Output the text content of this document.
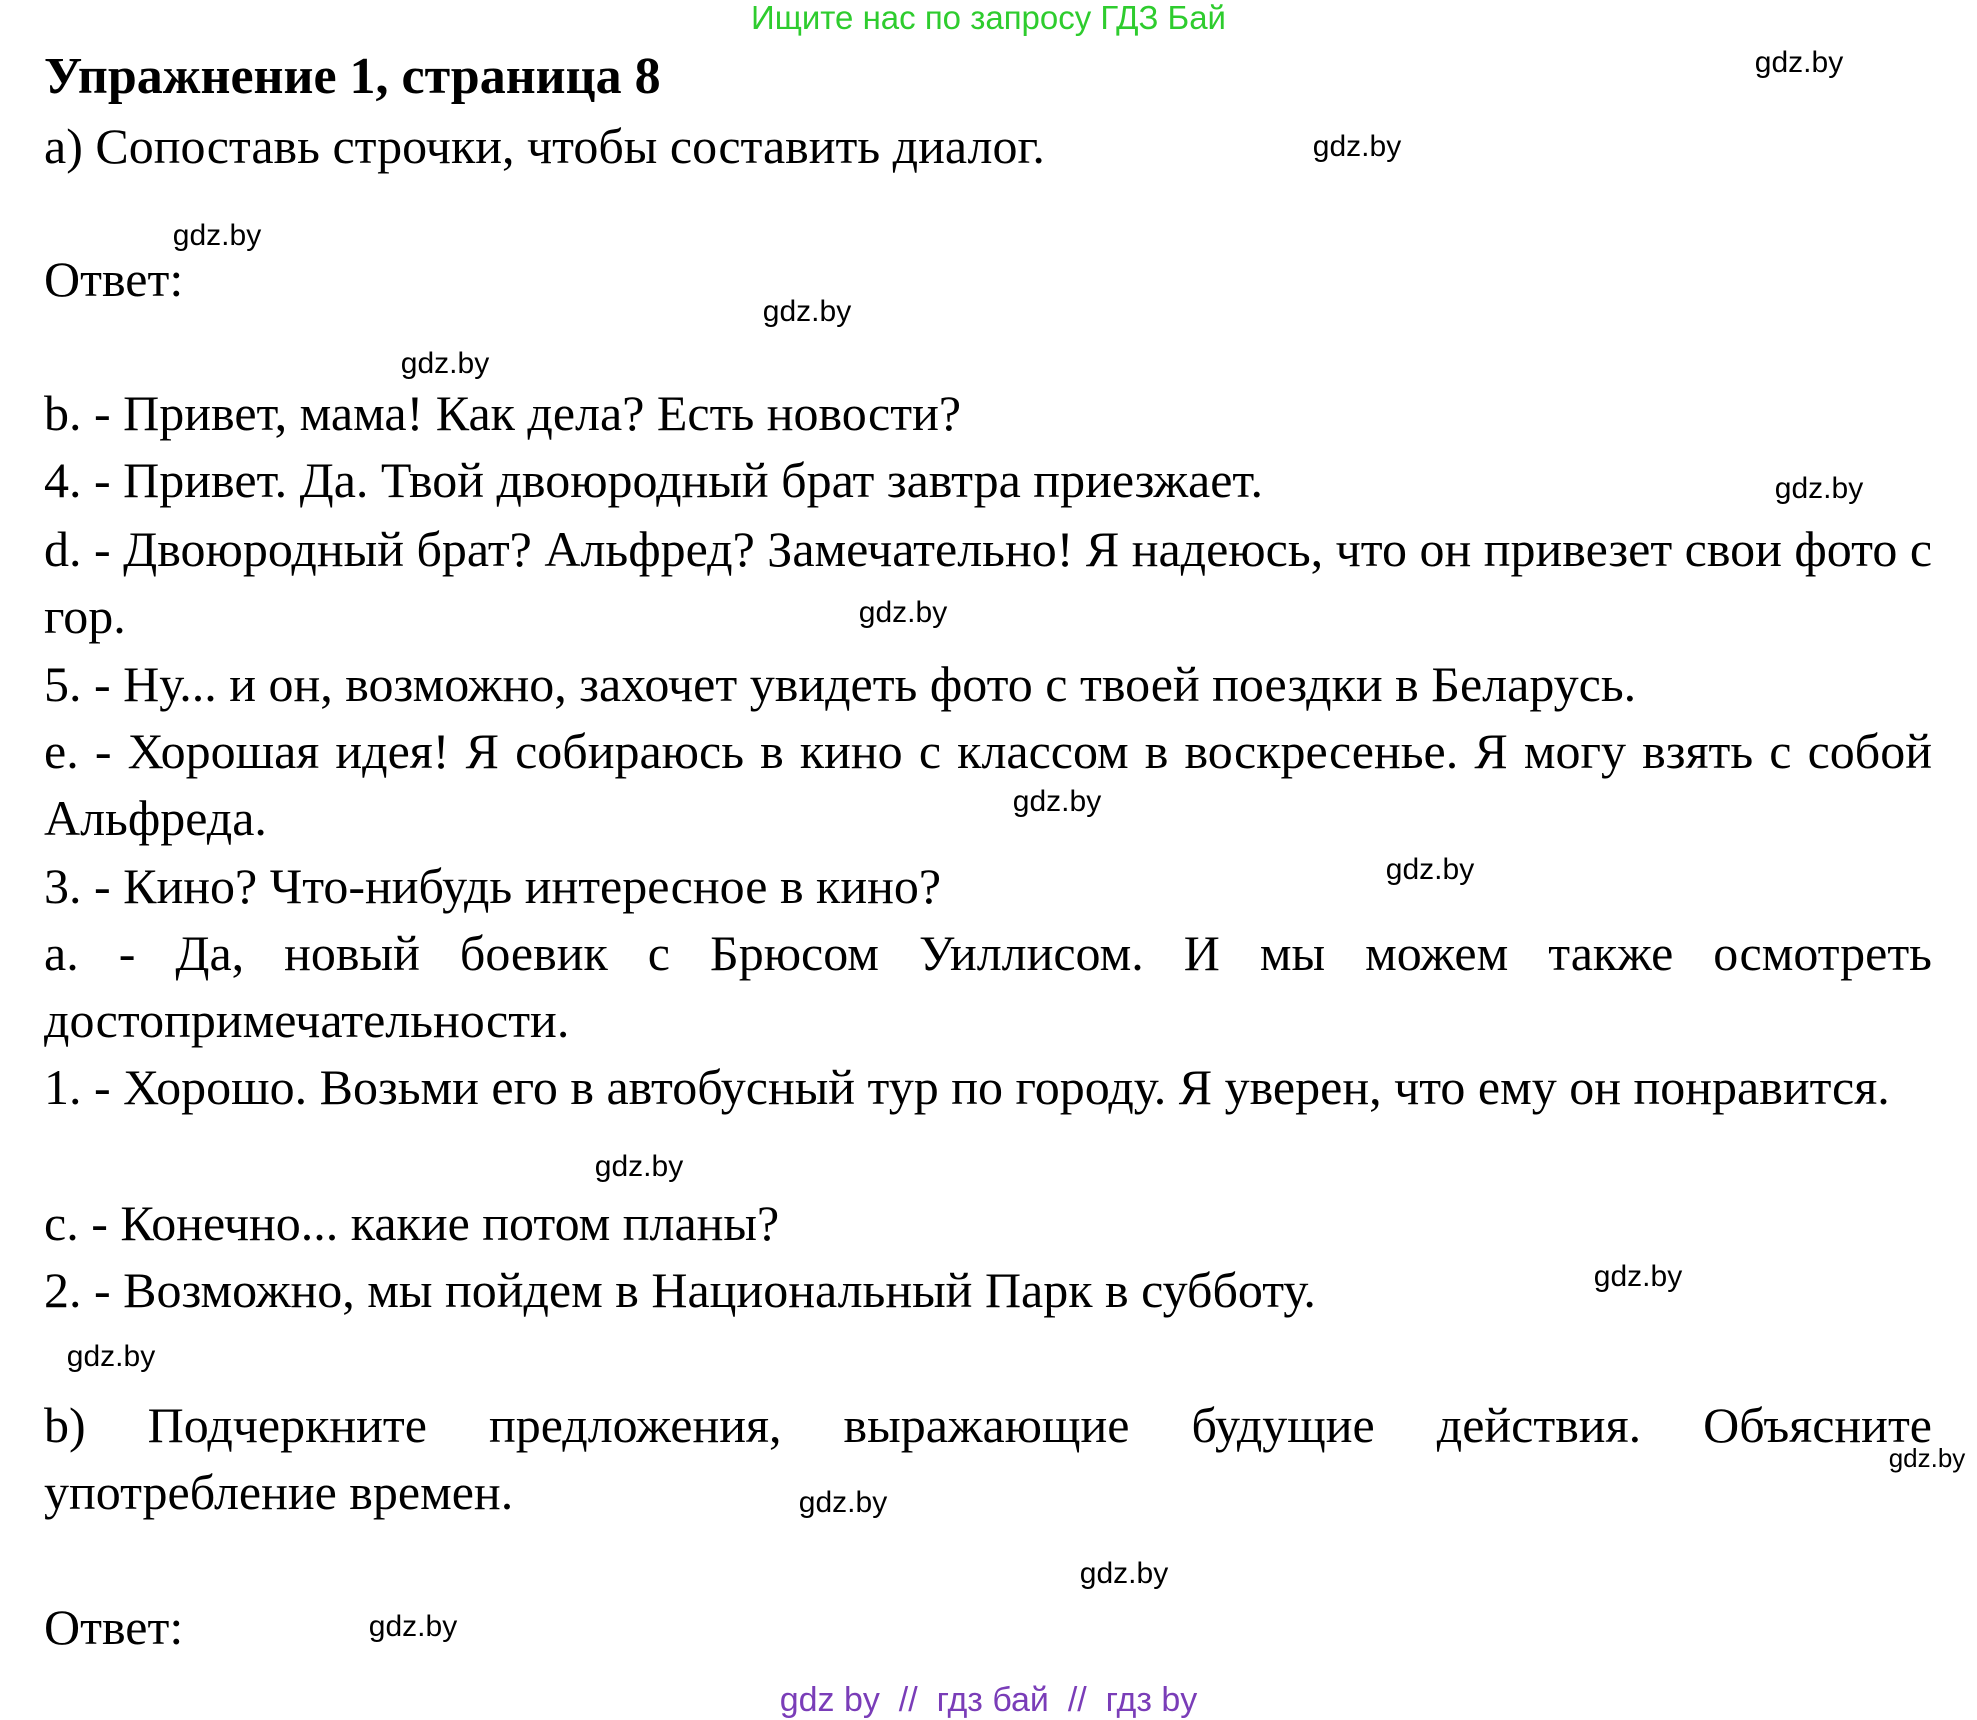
Ищите нас по запросу ГДЗ Бай
Упражнение 1, страница 8
а) Сопоставь строчки, чтобы составить диалог.
Ответ:
b. - Привет, мама! Как дела? Есть новости?
4. - Привет. Да. Твой двоюродный брат завтра приезжает.
d. - Двоюродный брат? Альфред? Замечательно! Я надеюсь, что он привезет свои фото с гор.
5. - Ну... и он, возможно, захочет увидеть фото с твоей поездки в Беларусь.
e. - Хорошая идея! Я собираюсь в кино с классом в воскресенье. Я могу взять с собой Альфреда.
3. - Кино? Что-нибудь интересное в кино?
a. - Да, новый боевик с Брюсом Уиллисом. И мы можем также осмотреть достопримечательности.
1. - Хорошо. Возьми его в автобусный тур по городу. Я уверен, что ему он понравится.
c. - Конечно... какие потом планы?
2. - Возможно, мы пойдем в Национальный Парк в субботу.
b) Подчеркните предложения, выражающие будущие действия. Объясните употребление времен.
Ответ:
gdz.by
gdz.by
gdz.by
gdz.by
gdz.by
gdz.by
gdz.by
gdz.by
gdz.by
gdz.by
gdz.by
gdz.by
gdz.by
gdz.by
gdz.by
gdz.by
gdz by  //  гдз бай  //  гдз by
